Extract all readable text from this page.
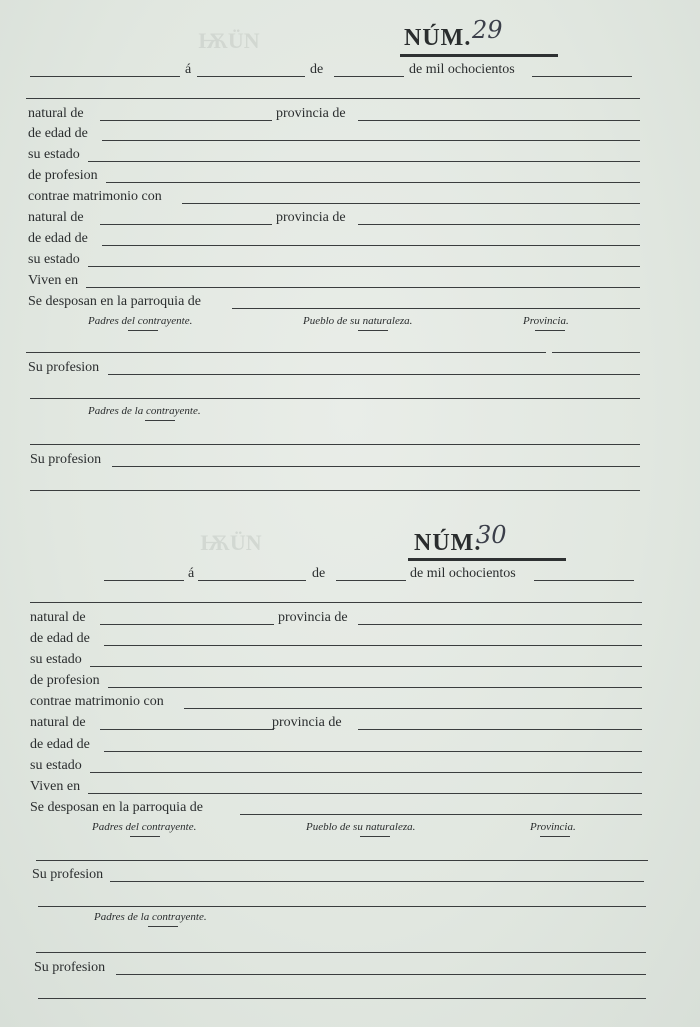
ѬÜN
ѬÜN
NÚM. 29
á	de	de mil ochocientos
natural de	provincia de
de edad de
su estado
de profesion
contrae matrimonio con
natural de	provincia de
de edad de
su estado
Viven en
Se desposan en la parroquia de
Padres del contrayente.	Pueblo de su naturaleza.	Provincia.
Su profesion
Padres de la contrayente.
Su profesion
NÚM.
30
á	de	de mil ochocientos
natural de	provincia de
de edad de
su estado
de profesion
contrae matrimonio con
natural de	provincia de
de edad de
su estado
Viven en
Se desposan en la parroquia de
Padres del contrayente.	Pueblo de su naturaleza.	Provincia.
Su profesion
Padres de la contrayente.
Su profesion
